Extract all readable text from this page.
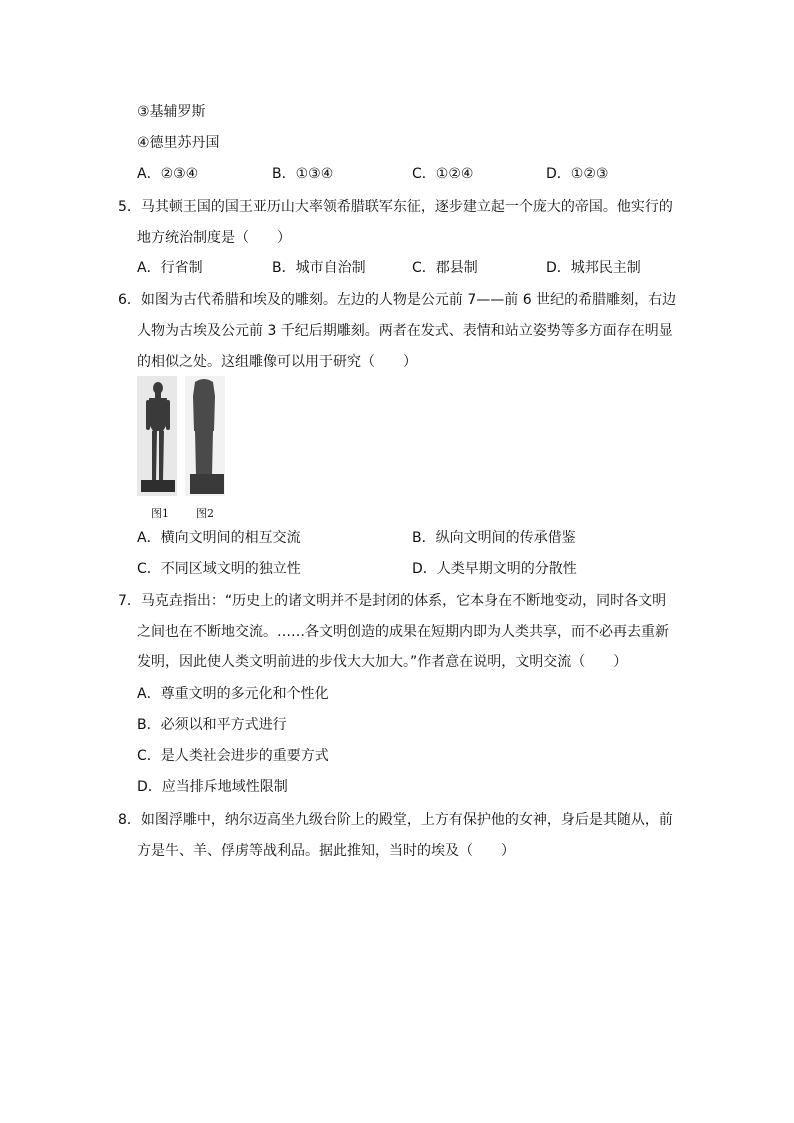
③基辅罗斯
④德里苏丹国
A．②③④	B．①③④	C．①②④	D．①②③
5．马其顿王国的国王亚历山大率领希腊联军东征，逐步建立起一个庞大的帝国。他实行的
地方统治制度是（　　）
A．行省制	B．城市自治制	C．郡县制	D．城邦民主制
6．如图为古代希腊和埃及的雕刻。左边的人物是公元前 7——前 6 世纪的希腊雕刻，右边
人物为古埃及公元前 3 千纪后期雕刻。两者在发式、表情和站立姿势等多方面存在明显
的相似之处。这组雕像可以用于研究（　　）
图1 图2
A．横向文明间的相互交流	B．纵向文明间的传承借鉴
C．不同区域文明的独立性	D．人类早期文明的分散性
7．马克垚指出：“历史上的诸文明并不是封闭的体系，它本身在不断地变动，同时各文明
之间也在不断地交流。……各文明创造的成果在短期内即为人类共享，而不必再去重新
发明，因此使人类文明前进的步伐大大加大。”作者意在说明，文明交流（　　）
A．尊重文明的多元化和个性化
B．必须以和平方式进行
C．是人类社会进步的重要方式
D．应当排斥地域性限制
8．如图浮雕中，纳尔迈高坐九级台阶上的殿堂，上方有保护他的女神，身后是其随从，前
方是牛、羊、俘虏等战利品。据此推知，当时的埃及（　　）
